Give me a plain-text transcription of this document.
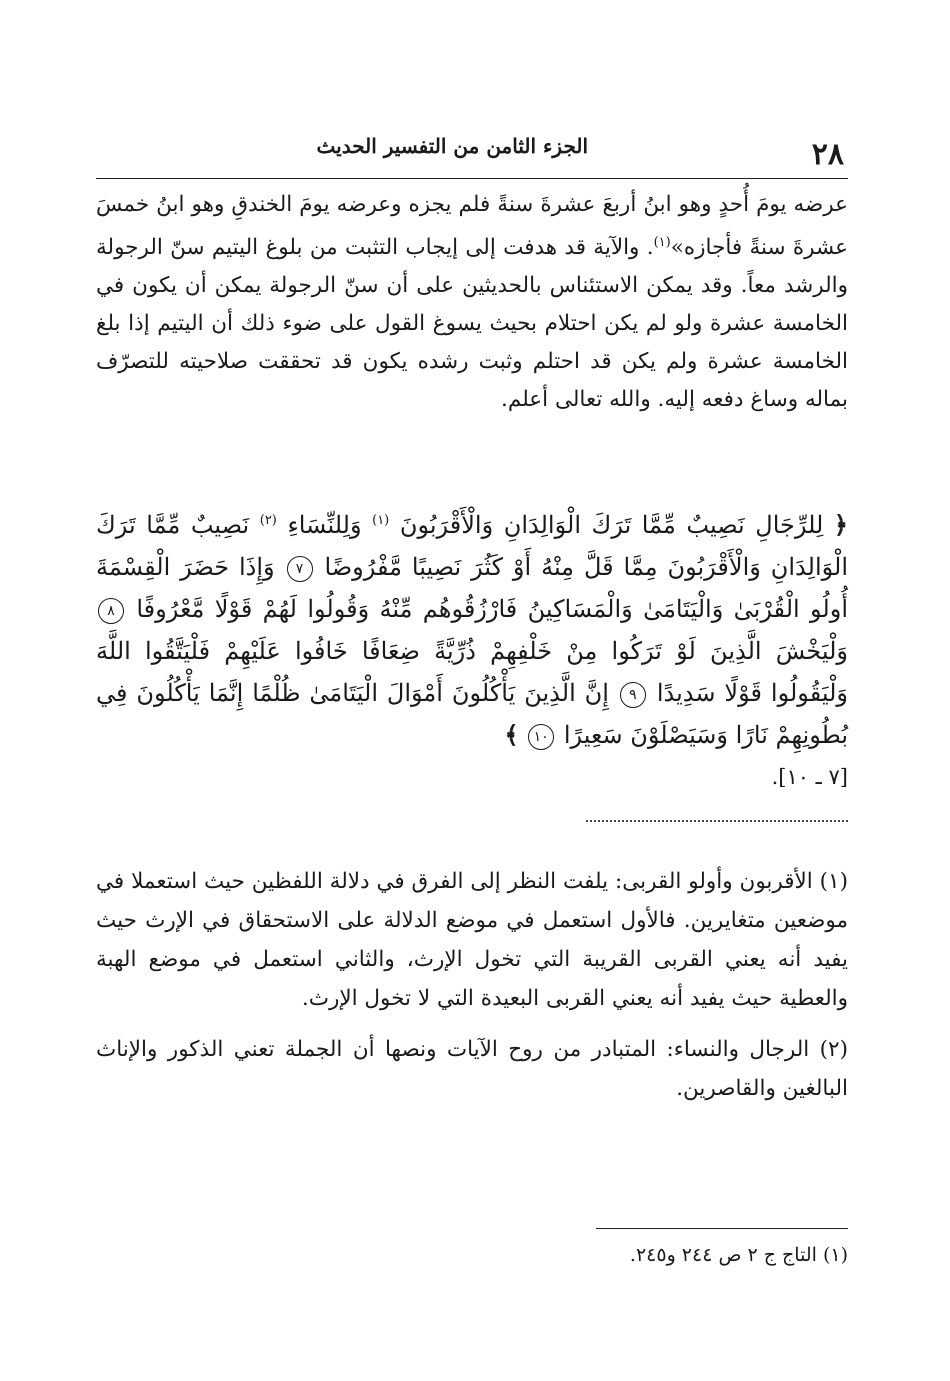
٢٨
الجزء الثامن من التفسير الحديث

عرضه يومَ أُحدٍ وهو ابنُ أربعَ عشرةَ سنةً فلم يجزه وعرضه يومَ الخندقِ وهو ابنُ خمسَ عشرةَ سنةً فأجازه»$^{(١)}$. والآية قد هدفت إلى إيجاب التثبت من بلوغ اليتيم سنّ الرجولة والرشد معاً. وقد يمكن الاستئناس بالحديثين على أن سنّ الرجولة يمكن أن يكون في الخامسة عشرة ولو لم يكن احتلام بحيث يسوغ القول على ضوء ذلك أن اليتيم إذا بلغ الخامسة عشرة ولم يكن قد احتلم وثبت رشده يكون قد تحققت صلاحيته للتصرّف بماله وساغ دفعه إليه. والله تعالى أعلم.

﴿ لِلرِّجَالِ نَصِيبٌ مِّمَّا تَرَكَ الْوَالِدَانِ وَالْأَقْرَبُونَ $^{(١)}$ وَلِلنِّسَاءِ $^{(٢)}$ نَصِيبٌ مِّمَّا تَرَكَ الْوَالِدَانِ وَالْأَقْرَبُونَ مِمَّا قَلَّ مِنْهُ أَوْ كَثُرَ نَصِيبًا مَّفْرُوضًا ٧ وَإِذَا حَضَرَ الْقِسْمَةَ أُولُو الْقُرْبَىٰ وَالْيَتَامَىٰ وَالْمَسَاكِينُ فَارْزُقُوهُم مِّنْهُ وَقُولُوا لَهُمْ قَوْلًا مَّعْرُوفًا ٨ وَلْيَخْشَ الَّذِينَ لَوْ تَرَكُوا مِنْ خَلْفِهِمْ ذُرِّيَّةً ضِعَافًا خَافُوا عَلَيْهِمْ فَلْيَتَّقُوا اللَّهَ وَلْيَقُولُوا قَوْلًا سَدِيدًا ٩ إِنَّ الَّذِينَ يَأْكُلُونَ أَمْوَالَ الْيَتَامَىٰ ظُلْمًا إِنَّمَا يَأْكُلُونَ فِي بُطُونِهِمْ نَارًا وَسَيَصْلَوْنَ سَعِيرًا ١٠ ﴾

[٧ ـ ١٠].

(١) الأقربون وأولو القربى: يلفت النظر إلى الفرق في دلالة اللفظين حيث استعملا في موضعين متغايرين. فالأول استعمل في موضع الدلالة على الاستحقاق في الإرث حيث يفيد أنه يعني القربى القريبة التي تخول الإرث، والثاني استعمل في موضع الهبة والعطية حيث يفيد أنه يعني القربى البعيدة التي لا تخول الإرث.

(٢) الرجال والنساء: المتبادر من روح الآيات ونصها أن الجملة تعني الذكور والإناث البالغين والقاصرين.

(١) التاج ج ٢ ص ٢٤٤ و٢٤٥.
